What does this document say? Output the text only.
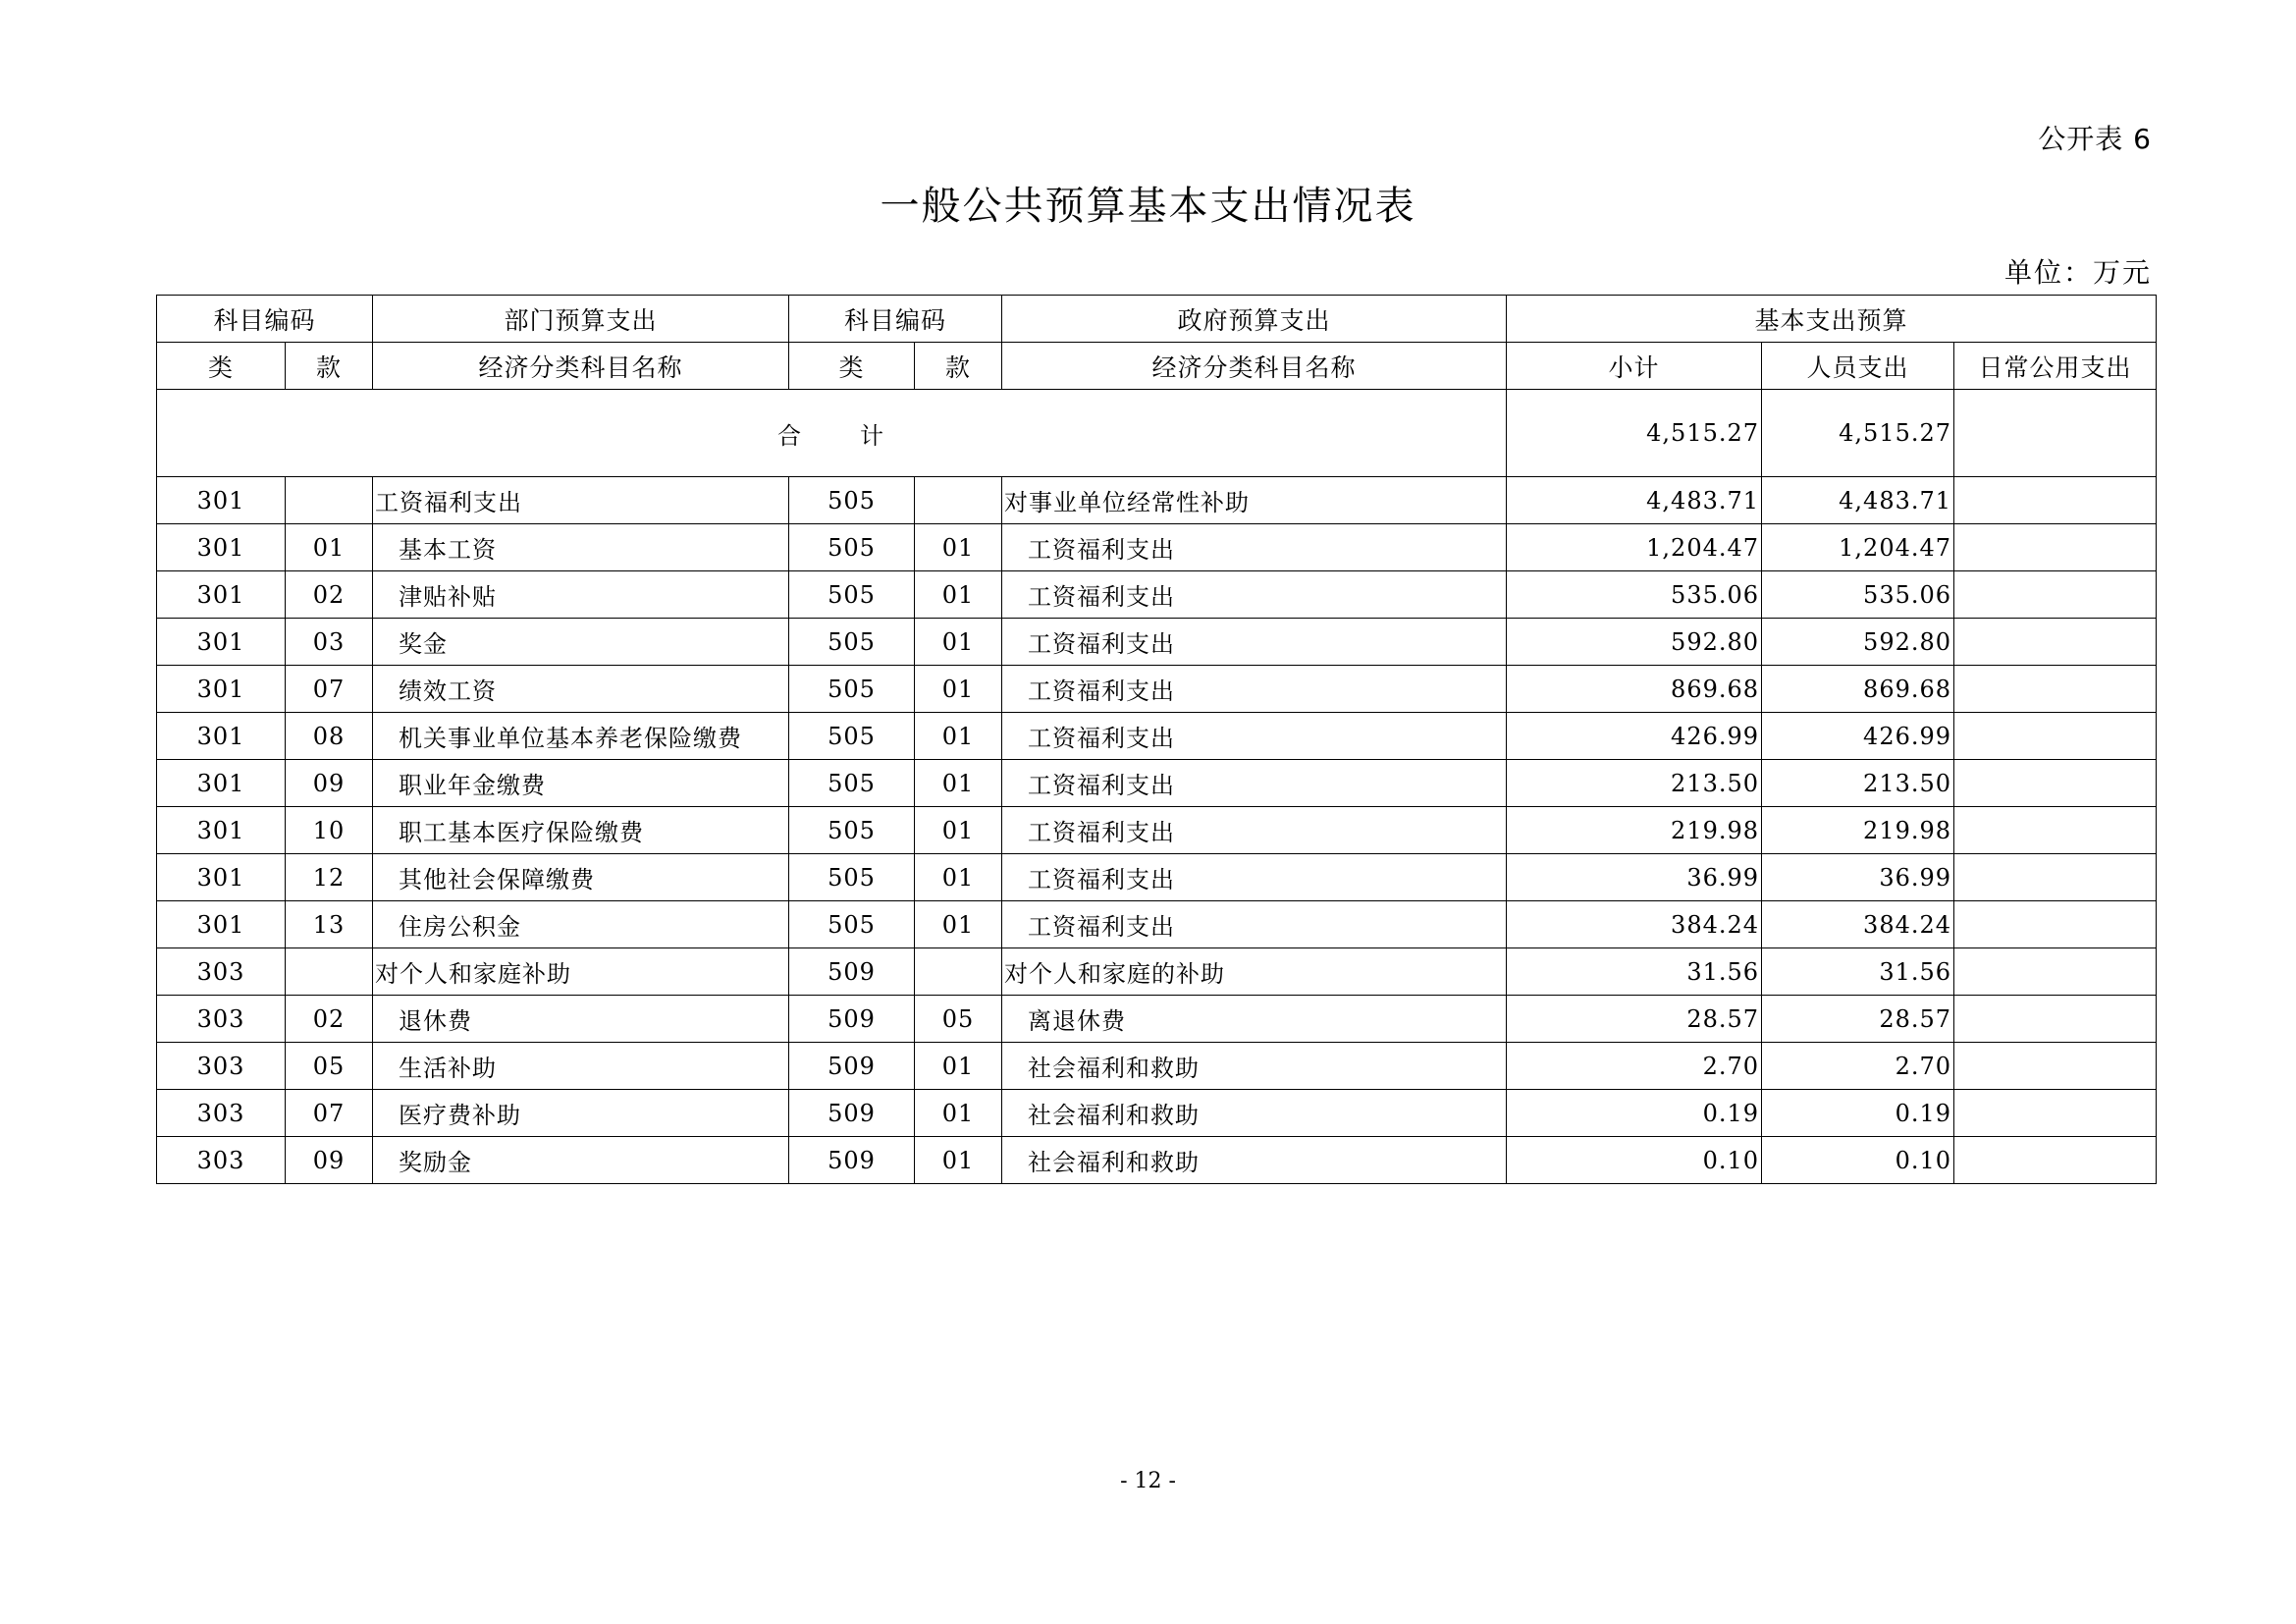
公开表 6
一般公共预算基本支出情况表
单位：万元
科目编码		部门预算支出	科目编码		政府预算支出	基本支出预算		
类	款	经济分类科目名称	类	款	经济分类科目名称	小计	人员支出	日常公用支出
合 计						4,515.27	4,515.27	
301		工资福利支出	505		对事业单位经常性补助	4,483.71	4,483.71	
301	01	基本工资	505	01	工资福利支出	1,204.47	1,204.47	
301	02	津贴补贴	505	01	工资福利支出	535.06	535.06	
301	03	奖金	505	01	工资福利支出	592.80	592.80	
301	07	绩效工资	505	01	工资福利支出	869.68	869.68	
301	08	机关事业单位基本养老保险缴费	505	01	工资福利支出	426.99	426.99	
301	09	职业年金缴费	505	01	工资福利支出	213.50	213.50	
301	10	职工基本医疗保险缴费	505	01	工资福利支出	219.98	219.98	
301	12	其他社会保障缴费	505	01	工资福利支出	36.99	36.99	
301	13	住房公积金	505	01	工资福利支出	384.24	384.24	
303		对个人和家庭补助	509		对个人和家庭的补助	31.56	31.56	
303	02	退休费	509	05	离退休费	28.57	28.57	
303	05	生活补助	509	01	社会福利和救助	2.70	2.70	
303	07	医疗费补助	509	01	社会福利和救助	0.19	0.19	
303	09	奖励金	509	01	社会福利和救助	0.10	0.10	
- 12 -
